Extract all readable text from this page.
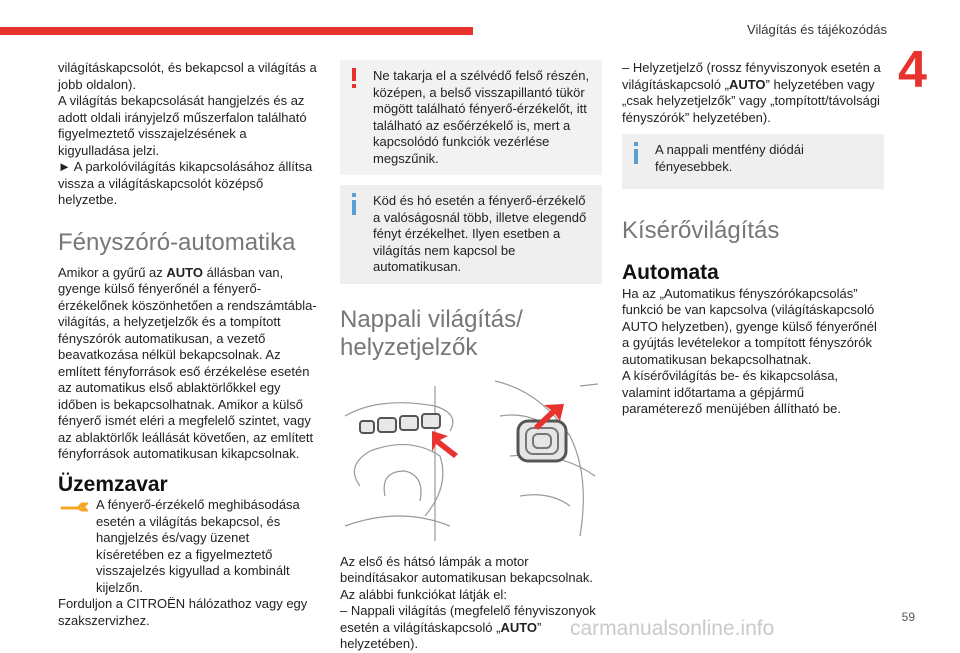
Világítás és tájékozódás
4

világításkapcsolót, és bekapcsol a világítás a jobb oldalon).

A világítás bekapcsolását hangjelzés és az adott oldali irányjelző műszerfalon található figyelmeztető visszajelzésének a kigyulladása jelzi.

► A parkolóvilágítás kikapcsolásához állítsa vissza a világításkapcsolót középső helyzetbe.

Fényszóró-automatika

Amikor a gyűrű az AUTO állásban van, gyenge külső fényerőnél a fényerő-érzékelőnek köszönhetően a rendszámtábla-világítás, a helyzetjelzők és a tompított fényszórók automatikusan, a vezető beavatkozása nélkül bekapcsolnak. Az említett fényforrások eső érzékelése esetén az automatikus első ablaktörlőkkel egy időben is bekapcsolhatnak. Amikor a külső fényerő ismét eléri a megfelelő szintet, vagy az ablaktörlők leállását követően, az említett fényforrások automatikusan kikapcsolnak.

Üzemzavar

A fényerő-érzékelő meghibásodása esetén a világítás bekapcsol, és hangjelzés és/vagy üzenet kíséretében ez a figyelmeztető visszajelzés kigyullad a kombinált kijelzőn.

Forduljon a CITROËN hálózathoz vagy egy szakszervizhez.

Ne takarja el a szélvédő felső részén, középen, a belső visszapillantó tükör mögött található fényerő-érzékelőt, itt található az esőérzékelő is, mert a kapcsolódó funkciók vezérlése megszűnik.

Köd és hó esetén a fényerő-érzékelő a valóságosnál több, illetve elegendő fényt érzékelhet. Ilyen esetben a világítás nem kapcsol be automatikusan.

Nappali világítás/
helyzetjelzők

Az első és hátsó lámpák a motor beindításakor automatikusan bekapcsolnak.

Az alábbi funkciókat látják el:

– Nappali világítás (megfelelő fényviszonyok esetén a világításkapcsoló „AUTO” helyzetében).

– Helyzetjelző (rossz fényviszonyok esetén a világításkapcsoló „AUTO” helyzetében vagy „csak helyzetjelzők” vagy „tompított/távolsági fényszórók” helyzetében).

A nappali mentfény diódái fényesebbek.

Kísérővilágítás
Automata

Ha az „Automatikus fényszórókapcsolás” funkció be van kapcsolva (világításkapcsoló AUTO helyzetben), gyenge külső fényerőnél a gyújtás levételekor a tompított fényszórók automatikusan bekapcsolhatnak.

A kísérővilágítás be- és kikapcsolása, valamint időtartama a gépjármű paraméterező menüjében állítható be.

carmanualsonline.info	59
